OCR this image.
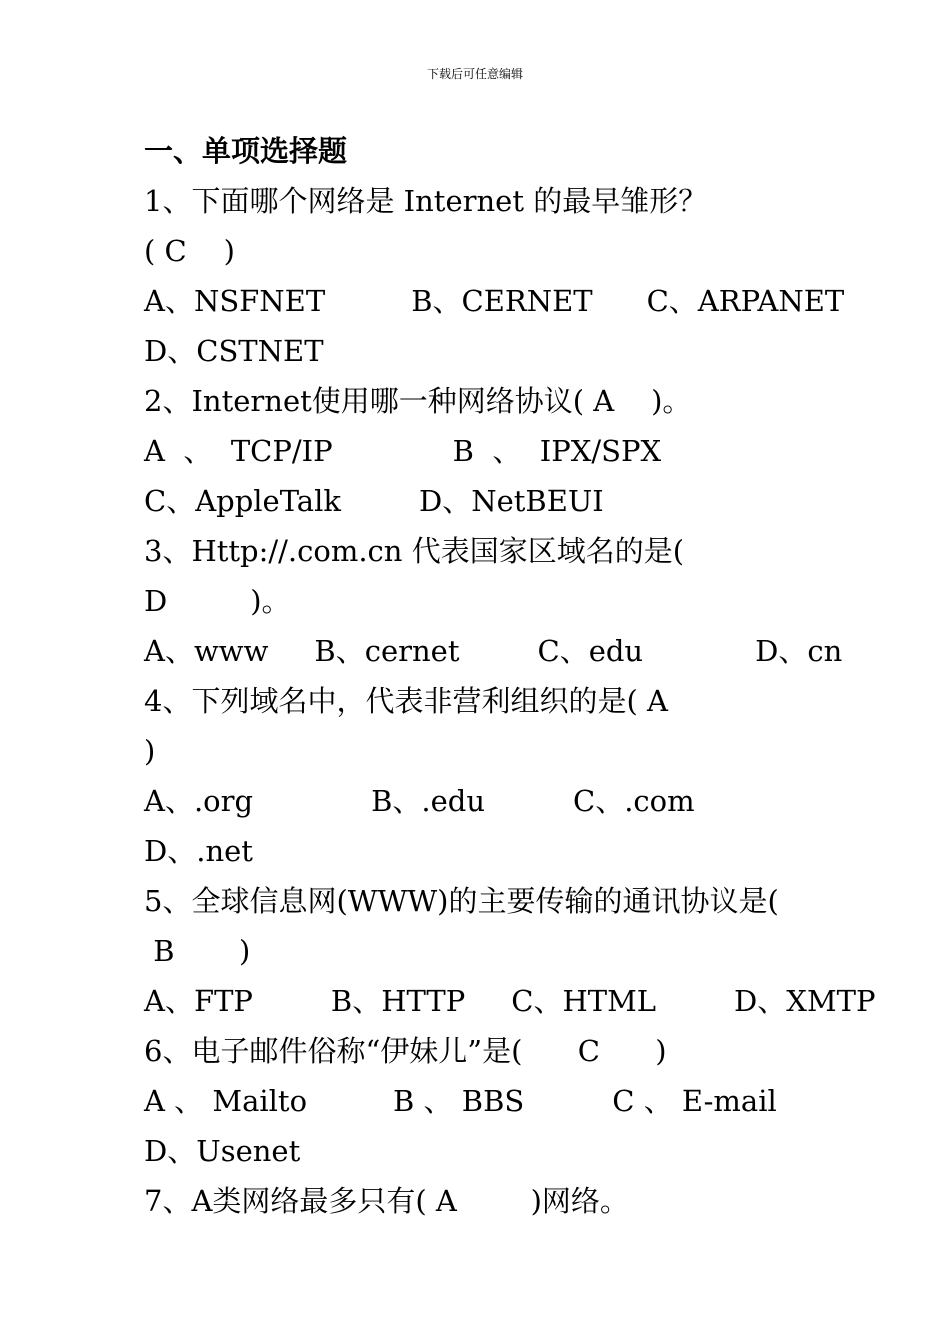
下载后可任意编辑
一、单项选择题
1、下面哪个网络是 Internet 的最早雏形？
( C    )
A、NSFNET	B、CERNET C、ARPANET
D、CSTNET
2、Internet使用哪一种网络协议( A    )。
A  、  TCP/IP	B  、  IPX/SPX
C、AppleTalk	D、NetBEUI
3、Http://.com.cn 代表国家区域名的是(
D         )。
A、www B、cernet	C、edu	D、cn
4、下列域名中，代表非营利组织的是( A
)
A、.org	B、.edu	C、.com
D、.net
5、全球信息网(WWW)的主要传输的通讯协议是(
B       )
A、FTP	B、HTTP C、HTML	D、XMTP
6、电子邮件俗称“伊妹儿”是(      C      )
A 、 Mailto	B 、 BBS	C 、 E-mail
D、Usenet
7、A类网络最多只有( A        )网络。
